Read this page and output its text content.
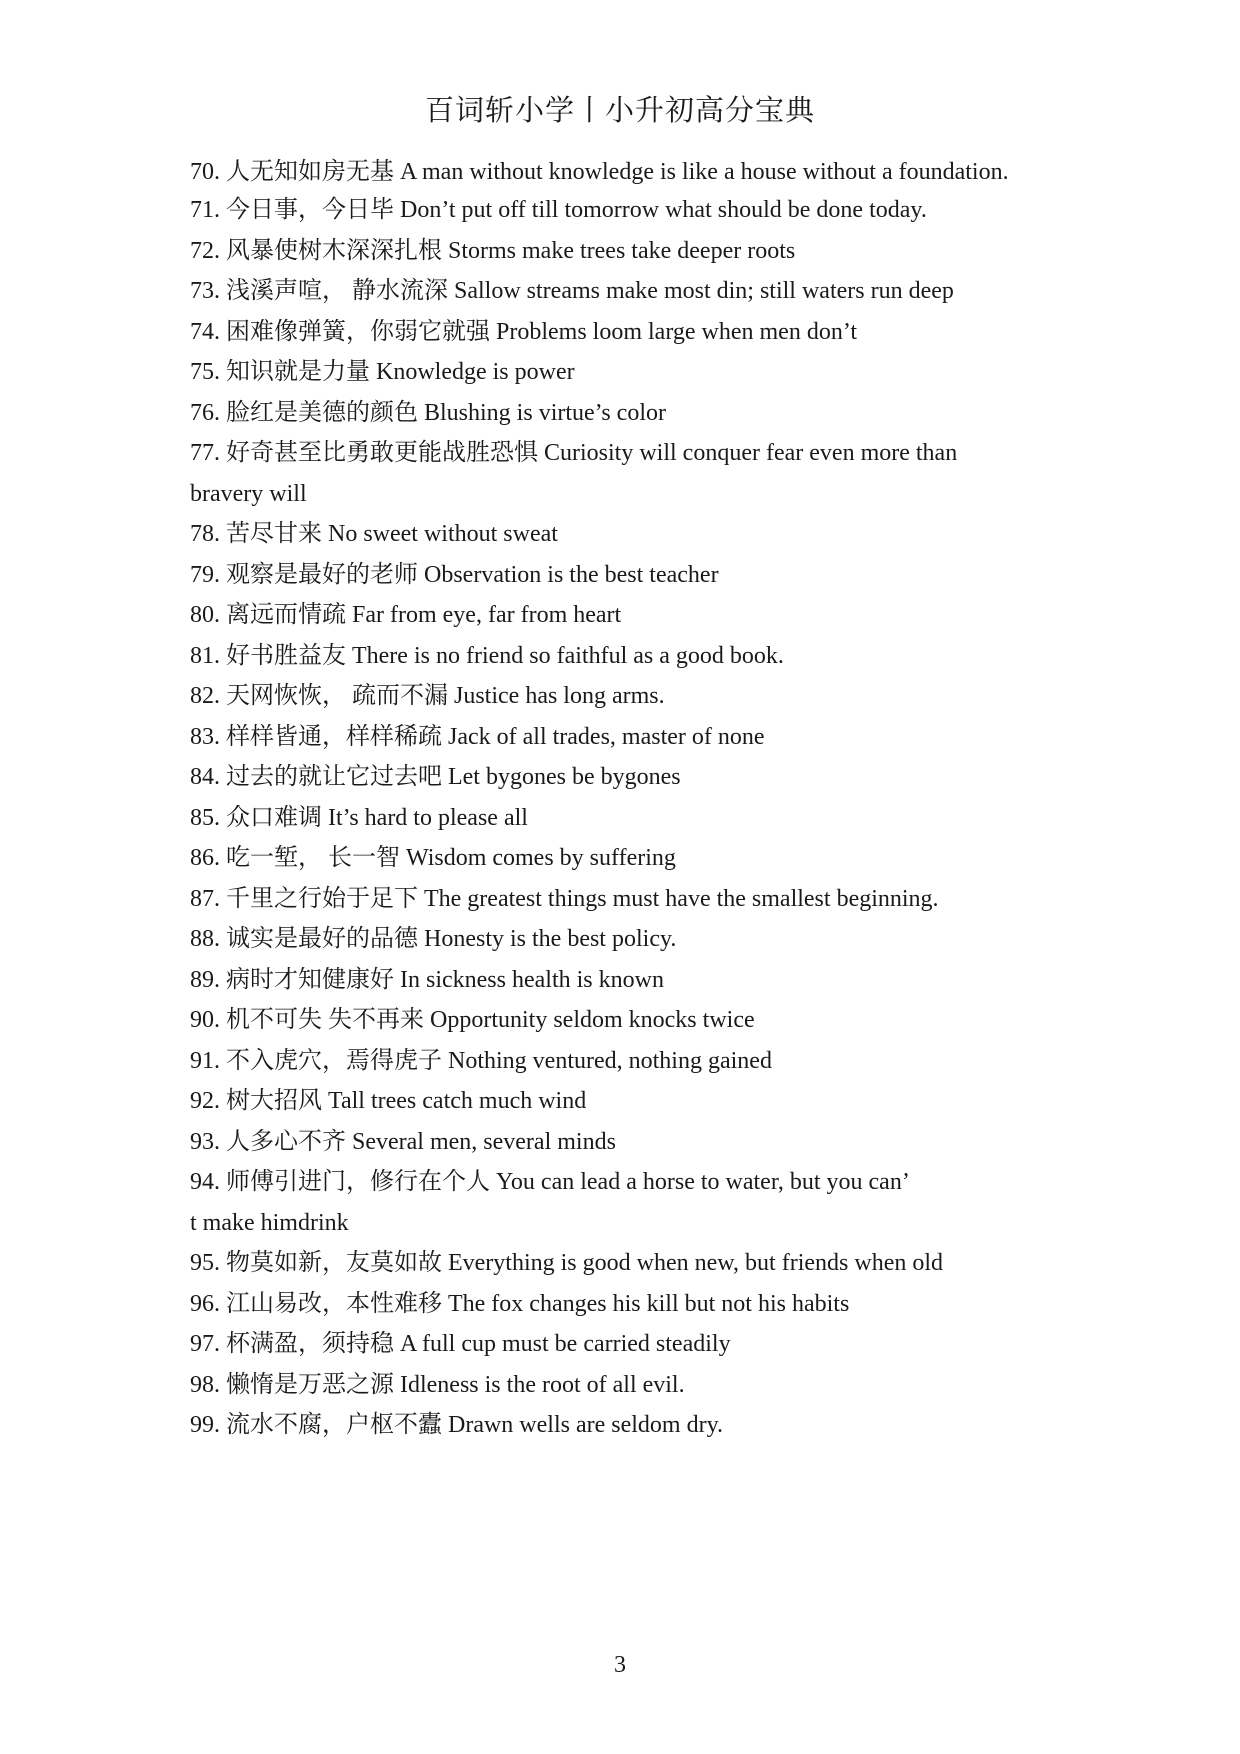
百词斩小学丨小升初高分宝典
70. 人无知如房无基 A man without knowledge is like a house without a foundation.
71. 今日事，今日毕 Don’t put off till tomorrow what should be done today.
72. 风暴使树木深深扎根 Storms make trees take deeper roots
73. 浅溪声喧， 静水流深 Sallow streams make most din; still waters run deep
74. 困难像弹簧，你弱它就强 Problems loom large when men don’t
75. 知识就是力量 Knowledge is power
76. 脸红是美德的颜色 Blushing is virtue’s color
77. 好奇甚至比勇敢更能战胜恐惧 Curiosity will conquer fear even more than
bravery will
78. 苦尽甘来 No sweet without sweat
79. 观察是最好的老师 Observation is the best teacher
80. 离远而情疏 Far from eye, far from heart
81. 好书胜益友 There is no friend so faithful as a good book.
82. 天网恢恢， 疏而不漏 Justice has long arms.
83. 样样皆通，样样稀疏 Jack of all trades, master of none
84. 过去的就让它过去吧 Let bygones be bygones
85. 众口难调 It’s hard to please all
86. 吃一堑， 长一智 Wisdom comes by suffering
87. 千里之行始于足下 The greatest things must have the smallest beginning.
88. 诚实是最好的品德 Honesty is the best policy.
89. 病时才知健康好 In sickness health is known
90. 机不可失 失不再来 Opportunity seldom knocks twice
91. 不入虎穴，焉得虎子 Nothing ventured, nothing gained
92. 树大招风 Tall trees catch much wind
93. 人多心不齐 Several men, several minds
94. 师傅引进门，修行在个人 You can lead a horse to water, but you can’
t make himdrink
95. 物莫如新，友莫如故 Everything is good when new, but friends when old
96. 江山易改，本性难移 The fox changes his kill but not his habits
97. 杯满盈，须持稳 A full cup must be carried steadily
98. 懒惰是万恶之源 Idleness is the root of all evil.
99. 流水不腐，户枢不蠹 Drawn wells are seldom dry.
3
